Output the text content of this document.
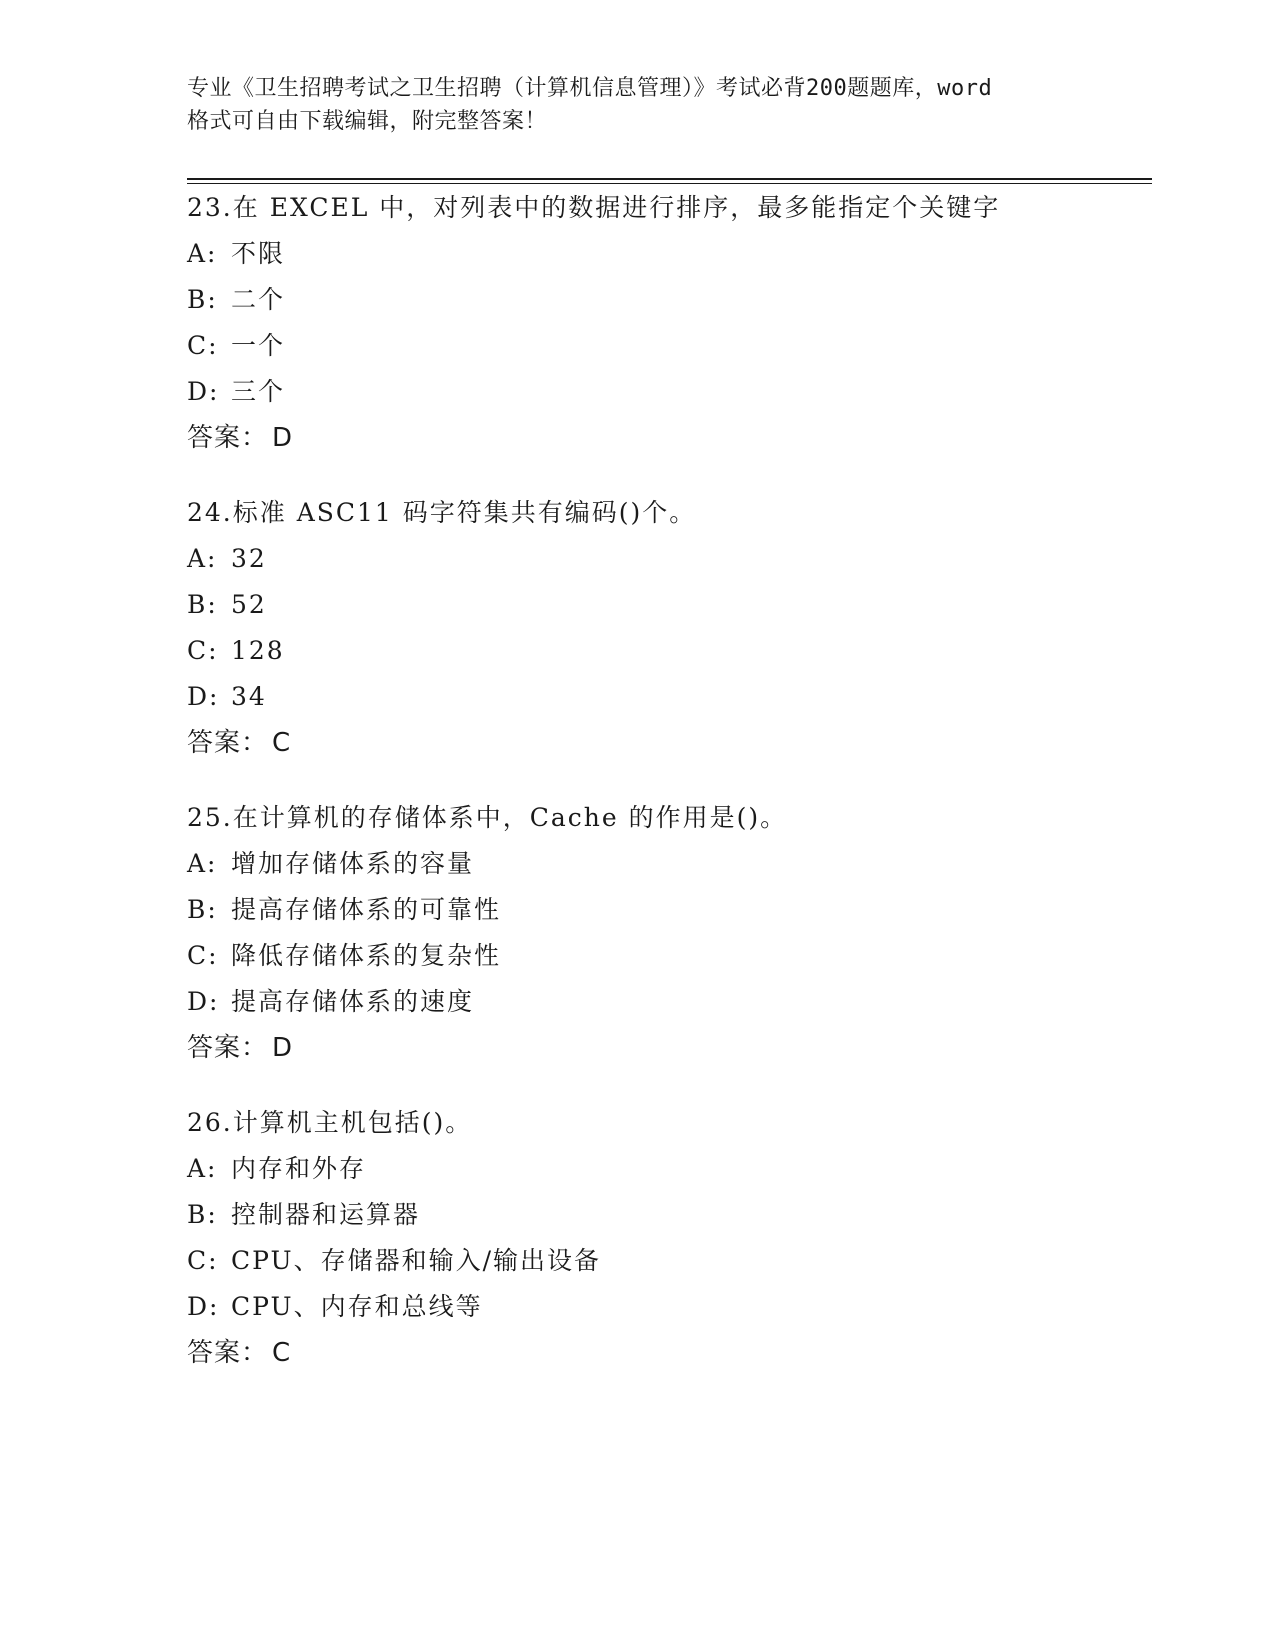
专业《卫生招聘考试之卫生招聘（计算机信息管理）》考试必背200题题库，word
格式可自由下载编辑，附完整答案！
23.在 EXCEL 中，对列表中的数据进行排序，最多能指定个关键字
A: 不限
B: 二个
C: 一个
D: 三个
答案： D
24.标准 ASC11 码字符集共有编码()个。
A: 32
B: 52
C: 128
D: 34
答案： C
25.在计算机的存储体系中，Cache 的作用是()。
A: 增加存储体系的容量
B: 提高存储体系的可靠性
C: 降低存储体系的复杂性
D: 提高存储体系的速度
答案： D
26.计算机主机包括()。
A: 内存和外存
B: 控制器和运算器
C: CPU、存储器和输入/输出设备
D: CPU、内存和总线等
答案： C
